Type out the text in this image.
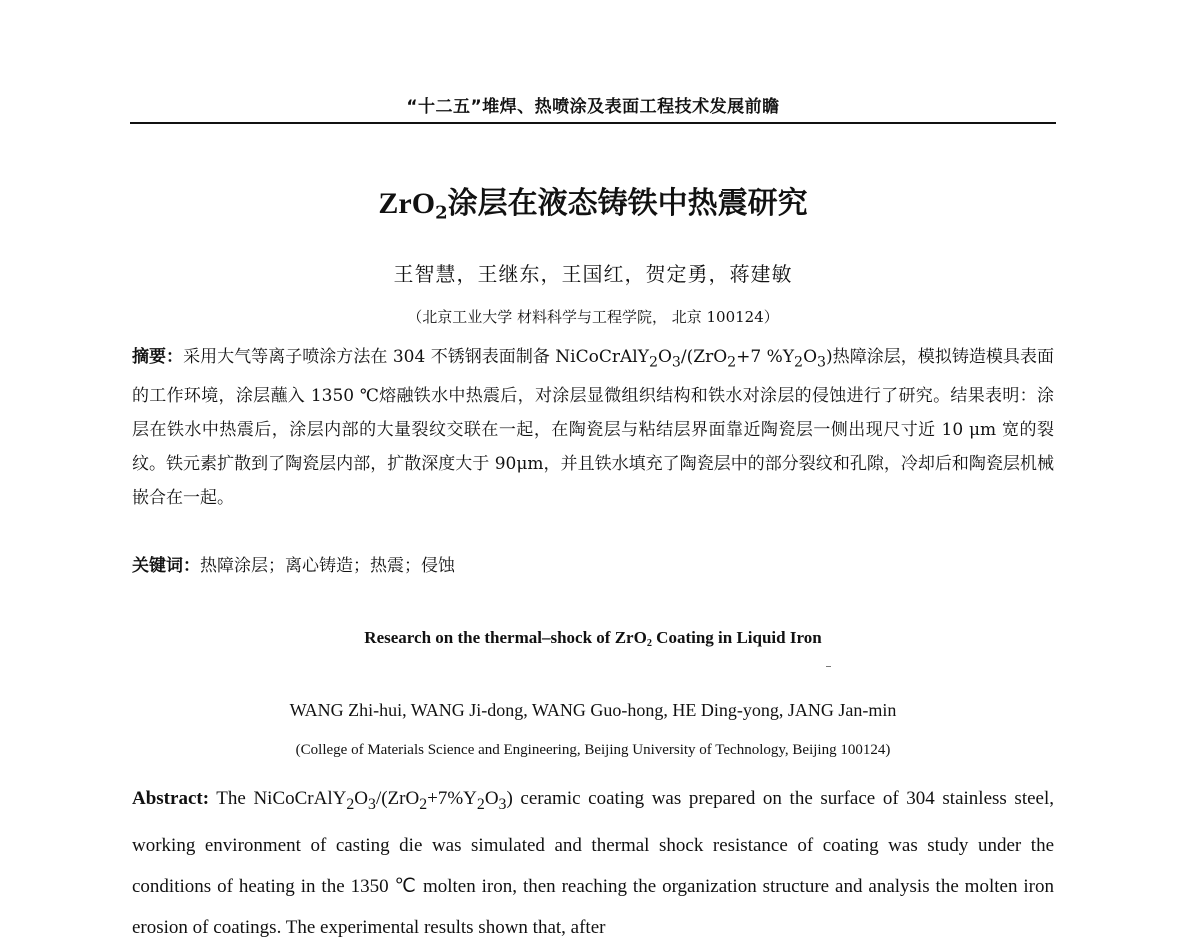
“十二五”堆焊、热喷涂及表面工程技术发展前瞻
ZrO$_2$涂层在液态铸铁中热震研究
王智慧，王继东，王国红，贺定勇，蒋建敏
（北京工业大学 材料科学与工程学院， 北京 100124）
摘要：采用大气等离子喷涂方法在 304 不锈钢表面制备 $NiCoCrAlY_2O_3/(ZrO_2+7$ $\%Y_2O_3$)热障涂层，模拟铸造模具表面的工作环境，涂层蘸入 1350 ℃熔融铁水中热震后，对涂层显微组织结构和铁水对涂层的侵蚀进行了研究。结果表明：涂层在铁水中热震后，涂层内部的大量裂纹交联在一起，在陶瓷层与粘结层界面靠近陶瓷层一侧出现尺寸近 10 μm 宽的裂纹。铁元素扩散到了陶瓷层内部，扩散深度大于 90μm，并且铁水填充了陶瓷层中的部分裂纹和孔隙，冷却后和陶瓷层机械嵌合在一起。
关键词：热障涂层；离心铸造；热震；侵蚀
Research on the thermal–shock of ZrO$_2$ Coating in Liquid Iron
WANG Zhi-hui, WANG Ji-dong, WANG Guo-hong, HE Ding-yong, JANG Jan-min
(College of Materials Science and Engineering, Beijing University of Technology, Beijing 100124)
Abstract: The $NiCoCrAlY_2O_3/(ZrO_2+7\%Y_2O_3)$ ceramic coating was prepared on the surface of 304 stainless steel, working environment of casting die was simulated and thermal shock resistance of coating was study under the conditions of heating in the 1350 ℃ molten iron, then reaching the organization structure and analysis the molten iron erosion of coatings. The experimental results shown that, after
